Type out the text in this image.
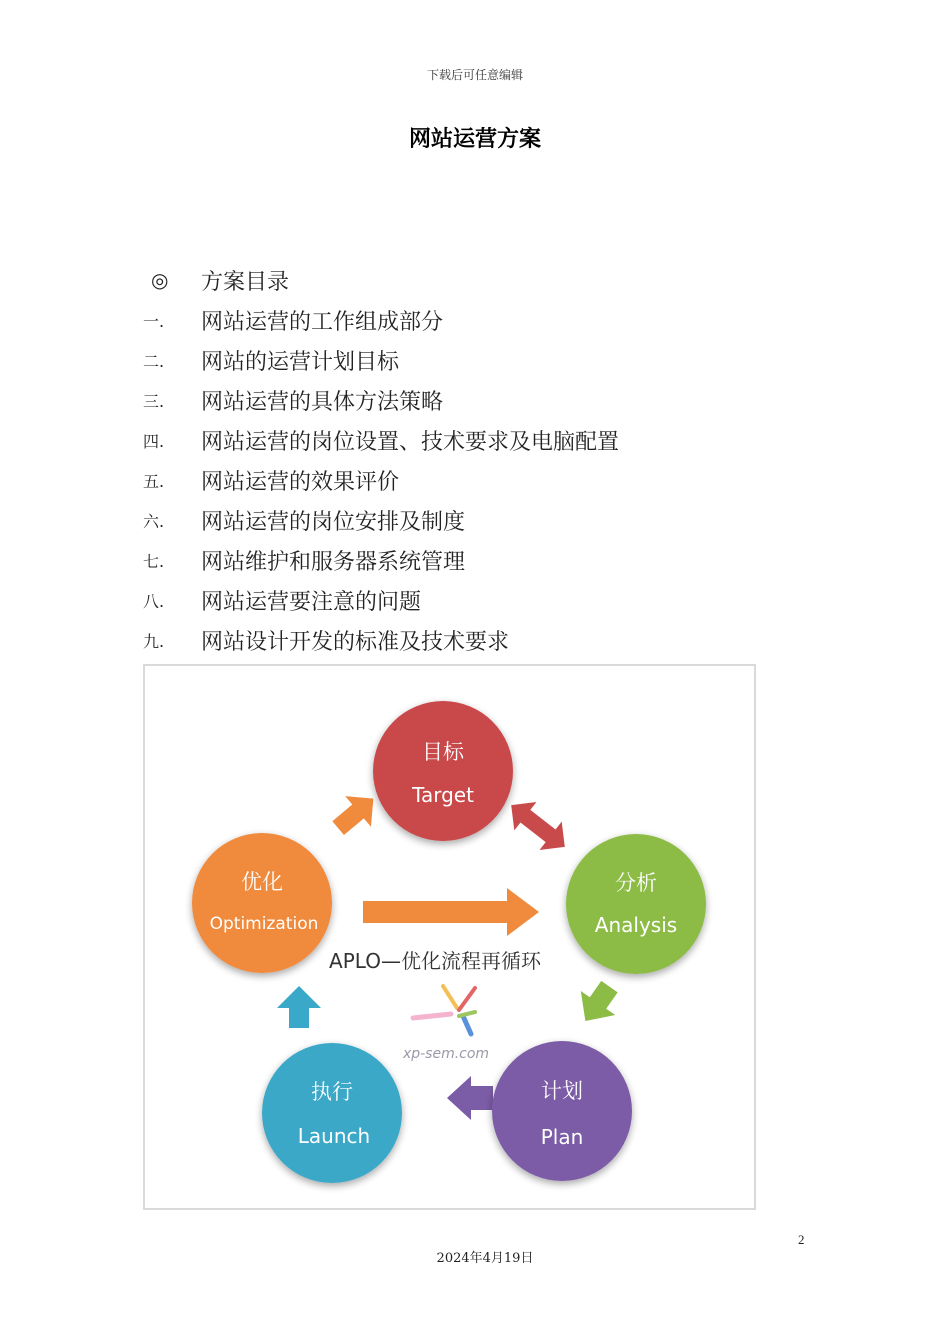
下载后可任意编辑
网站运营方案
◎	方案目录
一.	网站运营的工作组成部分
二.	网站的运营计划目标
三.	网站运营的具体方法策略
四.	网站运营的岗位设置、技术要求及电脑配置
五.	网站运营的效果评价
六.	网站运营的岗位安排及制度
七.	网站维护和服务器系统管理
八.	网站运营要注意的问题
九.	网站设计开发的标准及技术要求
目标
Target
分析
Analysis
计划
Plan
执行
Launch
优化
Optimization
APLO—优化流程再循环
xp-sem.com
2
2024年4月19日
